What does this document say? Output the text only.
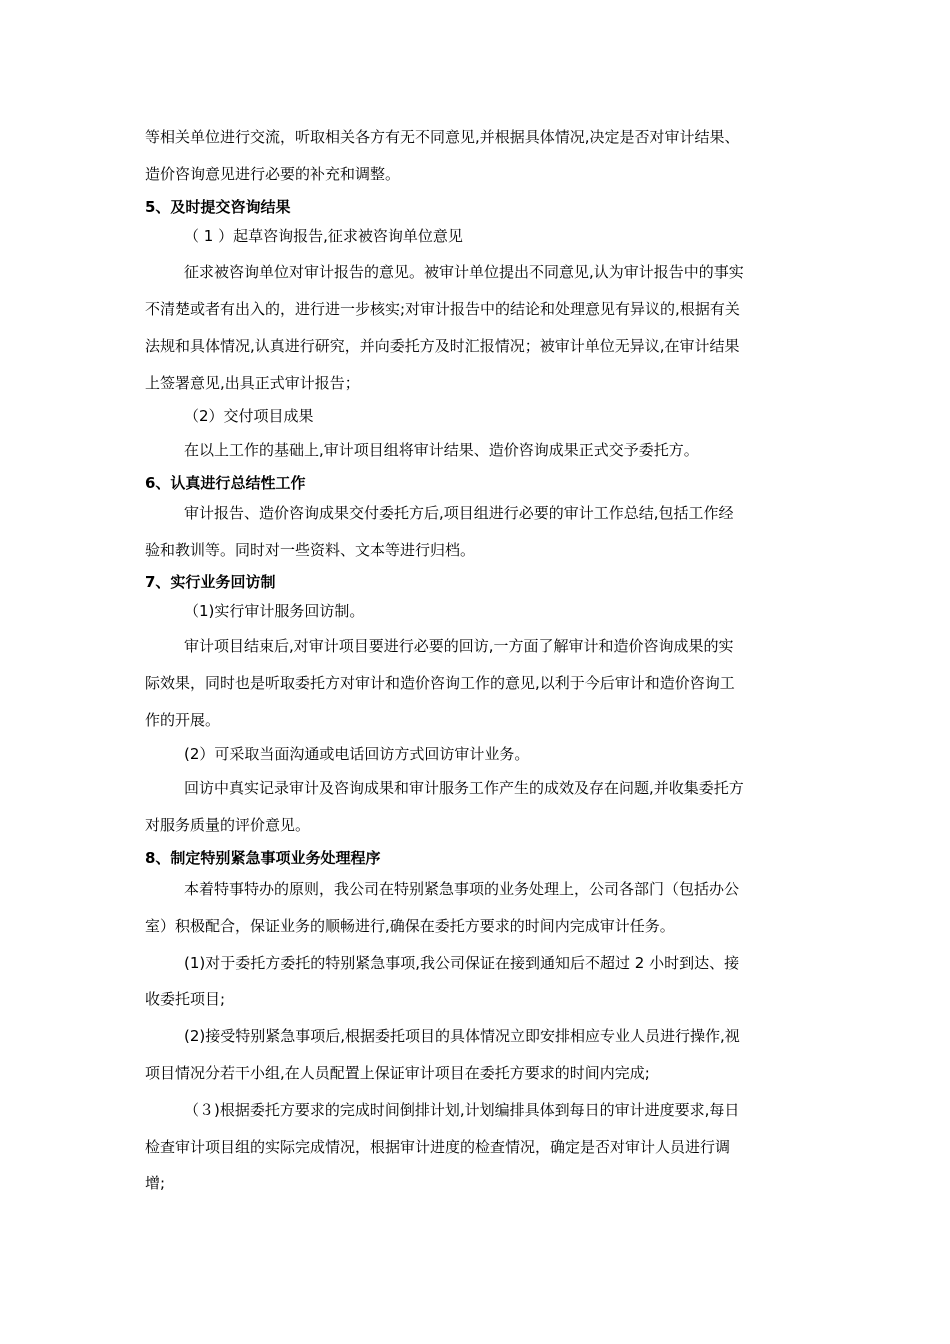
等相关单位进行交流，听取相关各方有无不同意见,并根据具体情况,决定是否对审计结果、
造价咨询意见进行必要的补充和调整。
5、及时提交咨询结果
（ 1 ）起草咨询报告,征求被咨询单位意见
征求被咨询单位对审计报告的意见。被审计单位提出不同意见,认为审计报告中的事实
不清楚或者有出入的，进行进一步核实;对审计报告中的结论和处理意见有异议的,根据有关
法规和具体情况,认真进行研究，并向委托方及时汇报情况；被审计单位无异议,在审计结果
上签署意见,出具正式审计报告；
（2）交付项目成果
在以上工作的基础上,审计项目组将审计结果、造价咨询成果正式交予委托方。
6、认真进行总结性工作
审计报告、造价咨询成果交付委托方后,项目组进行必要的审计工作总结,包括工作经
验和教训等。同时对一些资料、文本等进行归档。
7、实行业务回访制
（1)实行审计服务回访制。
审计项目结束后,对审计项目要进行必要的回访,一方面了解审计和造价咨询成果的实
际效果，同时也是听取委托方对审计和造价咨询工作的意见,以利于今后审计和造价咨询工
作的开展。
(2）可采取当面沟通或电话回访方式回访审计业务。
回访中真实记录审计及咨询成果和审计服务工作产生的成效及存在问题,并收集委托方
对服务质量的评价意见。
8、制定特别紧急事项业务处理程序
本着特事特办的原则，我公司在特别紧急事项的业务处理上，公司各部门（包括办公
室）积极配合，保证业务的顺畅进行,确保在委托方要求的时间内完成审计任务。
(1)对于委托方委托的特别紧急事项,我公司保证在接到通知后不超过 2 小时到达、接
收委托项目;
(2)接受特别紧急事项后,根据委托项目的具体情况立即安排相应专业人员进行操作,视
项目情况分若干小组,在人员配置上保证审计项目在委托方要求的时间内完成;
（３)根据委托方要求的完成时间倒排计划,计划编排具体到每日的审计进度要求,每日
检查审计项目组的实际完成情况，根据审计进度的检查情况，确定是否对审计人员进行调
增;
